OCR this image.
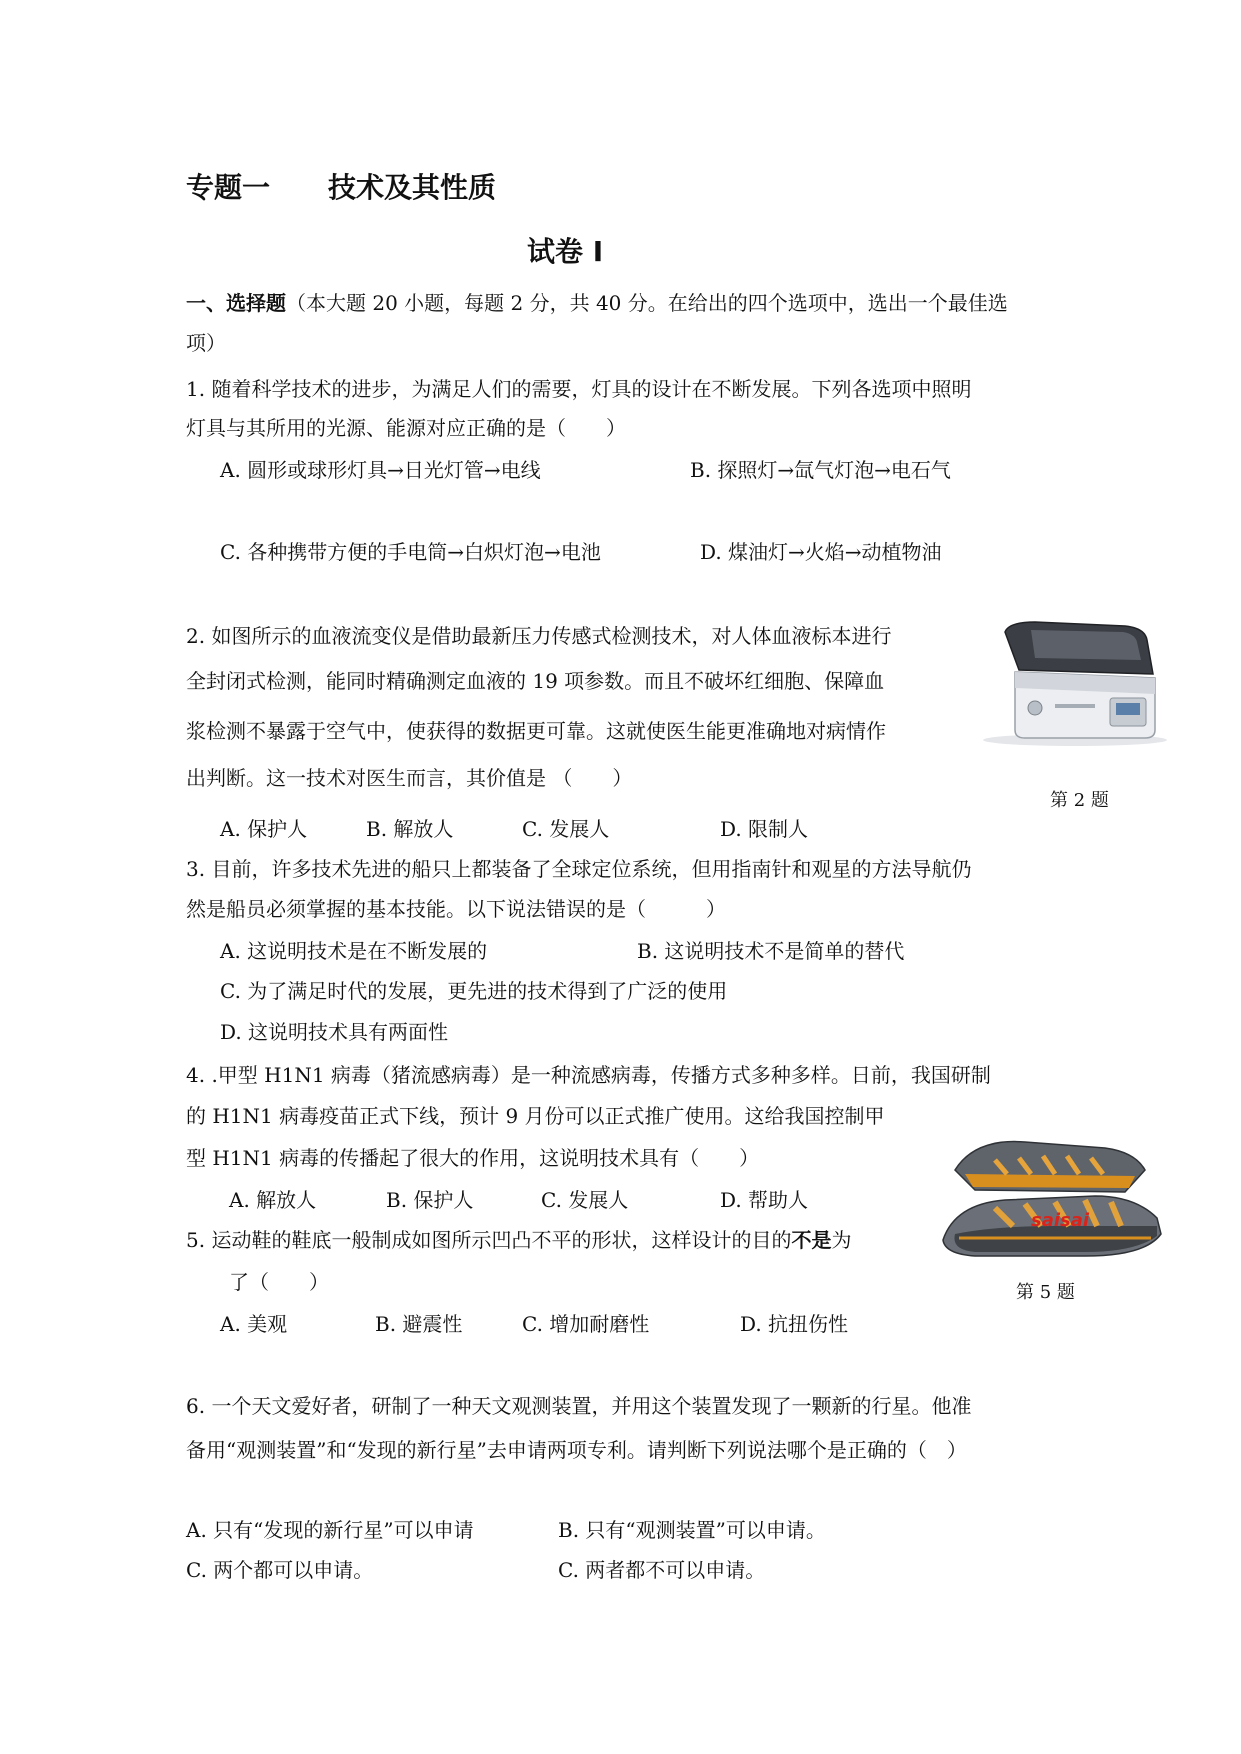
专题一 技术及其性质
试卷 I
一、选择题（本大题 20 小题，每题 2 分，共 40 分。在给出的四个选项中，选出一个最佳选
项）
1. 随着科学技术的进步，为满足人们的需要，灯具的设计在不断发展。下列各选项中照明
灯具与其所用的光源、能源对应正确的是（　　）
A. 圆形或球形灯具→日光灯管→电线	B. 探照灯→氙气灯泡→电石气
C. 各种携带方便的手电筒→白炽灯泡→电池	D. 煤油灯→火焰→动植物油
2. 如图所示的血液流变仪是借助最新压力传感式检测技术，对人体血液标本进行
全封闭式检测，能同时精确测定血液的 19 项参数。而且不破坏红细胞、保障血
浆检测不暴露于空气中，使获得的数据更可靠。这就使医生能更准确地对病情作
出判断。这一技术对医生而言，其价值是 （　　）
A. 保护人	B. 解放人	C. 发展人	D. 限制人
第 2 题
3. 目前，许多技术先进的船只上都装备了全球定位系统，但用指南针和观星的方法导航仍
然是船员必须掌握的基本技能。以下说法错误的是（　　　）
A. 这说明技术是在不断发展的	B. 这说明技术不是简单的替代
C. 为了满足时代的发展，更先进的技术得到了广泛的使用
D. 这说明技术具有两面性
4. .甲型 H1N1 病毒（猪流感病毒）是一种流感病毒，传播方式多种多样。日前，我国研制
的 H1N1 病毒疫苗正式下线，预计 9 月份可以正式推广使用。这给我国控制甲
型 H1N1 病毒的传播起了很大的作用，这说明技术具有（　　）
A. 解放人	B. 保护人	C. 发展人	D. 帮助人
saisai
第 5 题
5. 运动鞋的鞋底一般制成如图所示凹凸不平的形状，这样设计的目的不是为
了（　　）
A. 美观	B. 避震性	C. 增加耐磨性	D. 抗扭伤性
6. 一个天文爱好者，研制了一种天文观测装置，并用这个装置发现了一颗新的行星。他准
备用“观测装置”和“发现的新行星”去申请两项专利。请判断下列说法哪个是正确的（　）
A. 只有“发现的新行星”可以申请	B. 只有“观测装置”可以申请。
C. 两个都可以申请。	C. 两者都不可以申请。
